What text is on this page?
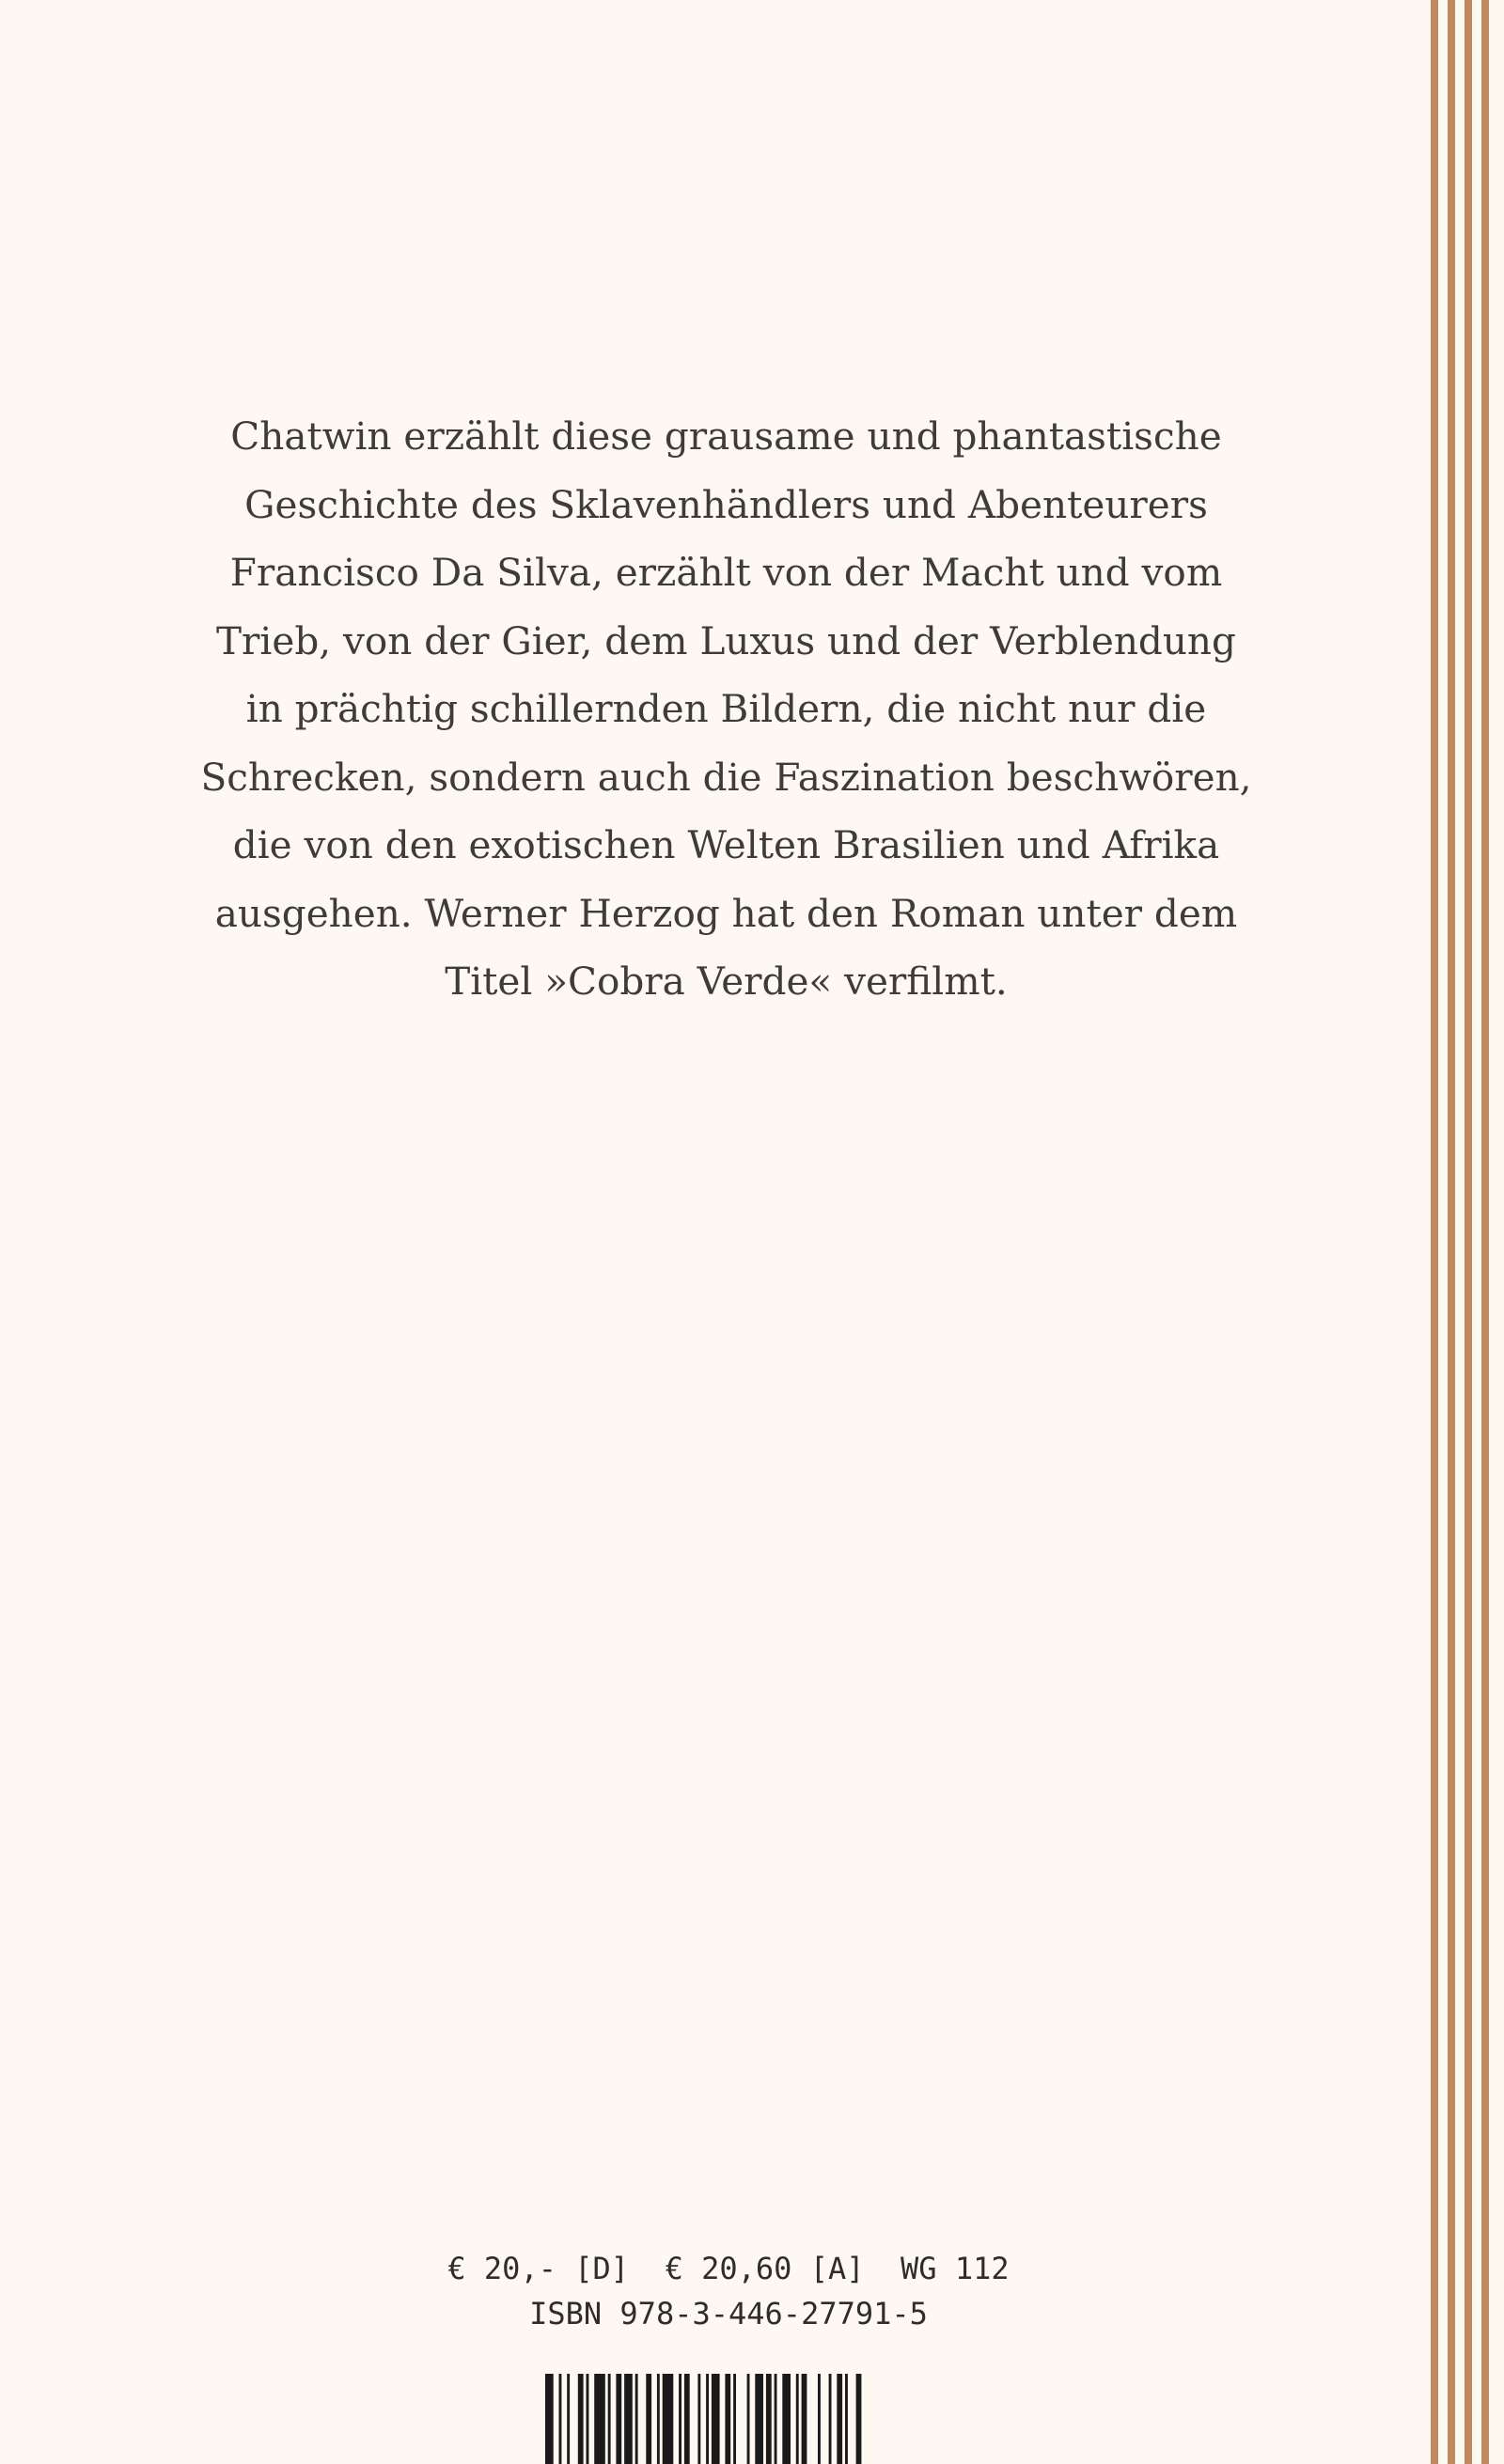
Chatwin erzählt diese grausame und phantastische
Geschichte des Sklavenhändlers und Abenteurers
Francisco Da Silva, erzählt von der Macht und vom
Trieb, von der Gier, dem Luxus und der Verblendung
in prächtig schillernden Bildern, die nicht nur die
Schrecken, sondern auch die Faszination beschwören,
die von den exotischen Welten Brasilien und Afrika
ausgehen. Werner Herzog hat den Roman unter dem
Titel »Cobra Verde« verfilmt.
€ 20,- [D]  € 20,60 [A]  WG 112
ISBN 978-3-446-27791-5
